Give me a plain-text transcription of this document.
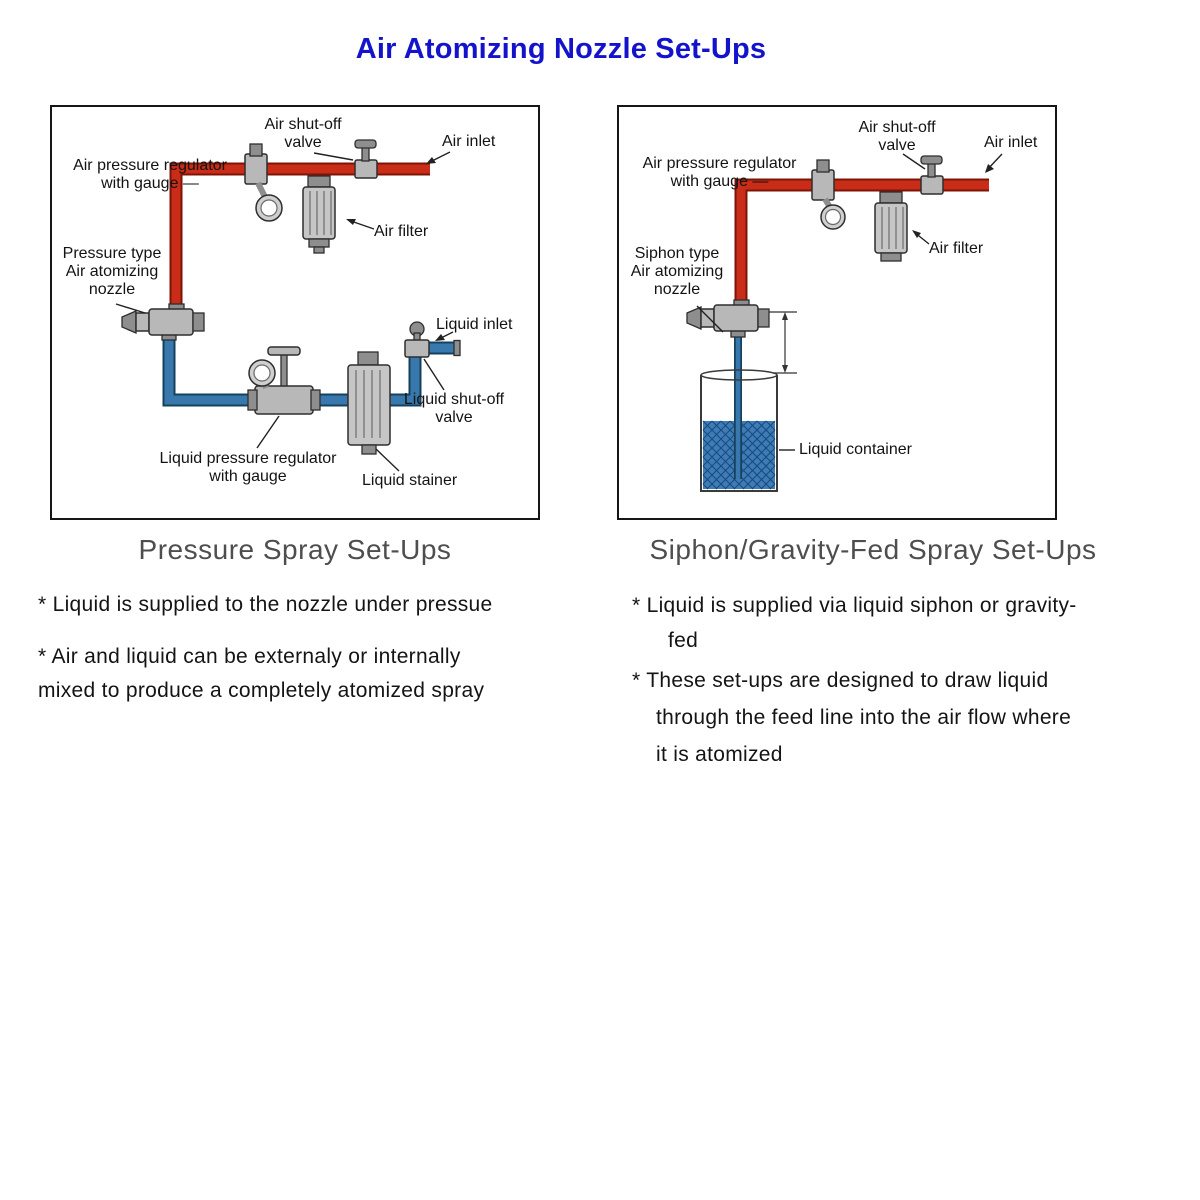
Air Atomizing Nozzle Set-Ups
Air shut-off
valve
Air pressure regulator
with gauge —
Air inlet
Air filter
Pressure type
Air atomizing
nozzle
Liquid inlet
Liquid shut-off
valve
Liquid pressure regulator
with gauge	Liquid stainer
Air shut-off
valve	Air inlet
Air pressure regulator
with gauge —
Air filter
Siphon type
Air atomizing
nozzle
Liquid container
Pressure Spray Set-Ups	Siphon/Gravity-Fed Spray Set-Ups
* Liquid is supplied to the nozzle under pressue
* Air and liquid can be externaly or internally
mixed to produce a completely atomized spray
* Liquid is supplied via liquid siphon or gravity-
fed
* These set-ups are designed to draw liquid
through the feed line into the air flow where
it is atomized
